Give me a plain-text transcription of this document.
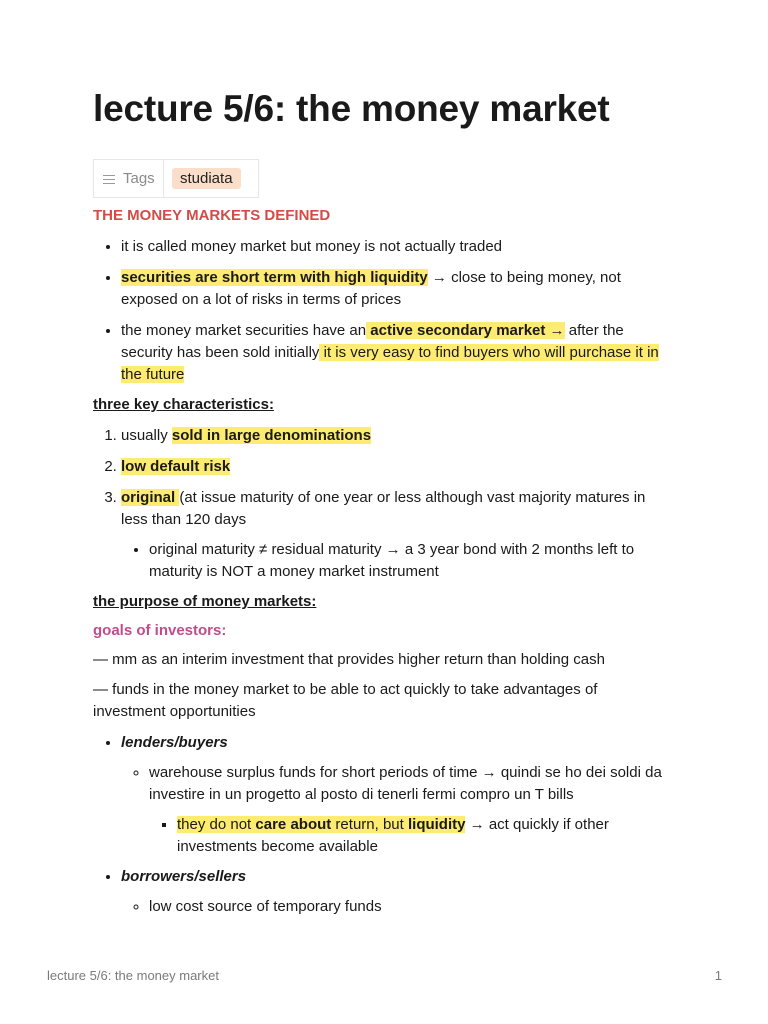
lecture 5/6: the money market
Tags	studiata

THE MONEY MARKETS DEFINED

• it is called money market but money is not actually traded
• securities are short term with high liquidity → close to being money, not exposed on a lot of risks in terms of prices
• the money market securities have an active secondary market → after the security has been sold initially it is very easy to find buyers who will purchase it in the future

three key characteristics:

1. usually sold in large denominations
2. low default risk
3. original (at issue maturity of one year or less although vast majority matures in less than 120 days
• original maturity ≠ residual maturity → a 3 year bond with 2 months left to maturity is NOT a money market instrument

the purpose of money markets:

goals of investors:

— mm as an interim investment that provides higher return than holding cash

— funds in the money market to be able to act quickly to take advantages of investment opportunities

• lenders/buyers
◦ warehouse surplus funds for short periods of time → quindi se ho dei soldi da investire in un progetto al posto di tenerli fermi compro un T bills
▪ they do not care about return, but liquidity → act quickly if other investments become available
• borrowers/sellers
◦ low cost source of temporary funds
lecture 5/6: the money market	1
